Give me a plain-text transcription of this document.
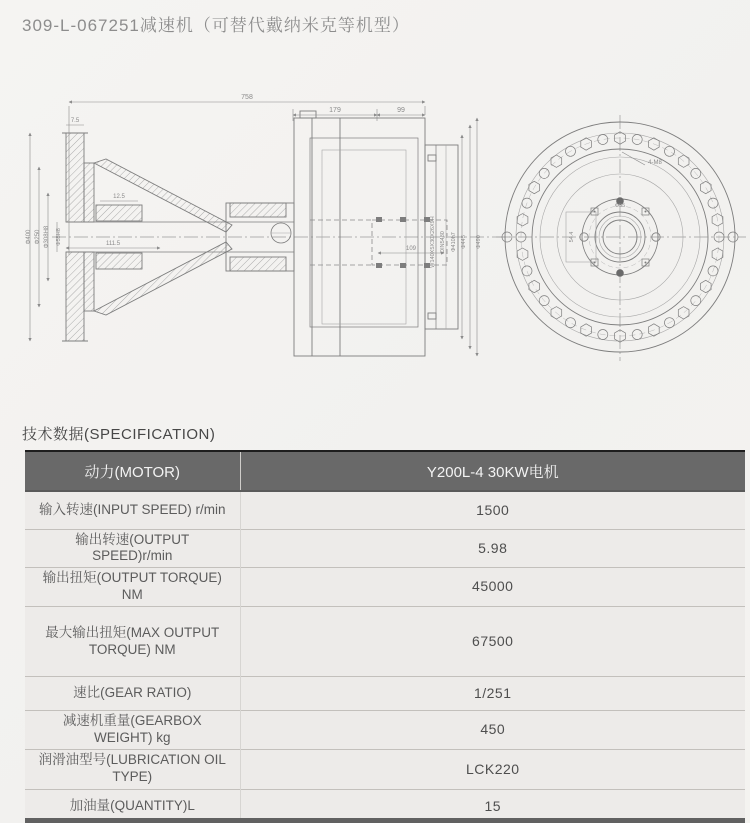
309-L-067251减速机（可替代戴纳米克等机型）
758
179	99
7.5
12.5
111.5
109
Φ400 Φ250 Φ308H8 Φ55H8	W140X5X30X26X9H DIN5480 Φ410h7 Φ445 Φ490
4-M8
Φ55
54.4
技术数据(SPECIFICATION)
动力(MOTOR)	Y200L-4 30KW电机
输入转速(INPUT SPEED) r/min	1500
输出转速(OUTPUT SPEED)r/min	5.98
输出扭矩(OUTPUT TORQUE) NM	45000
最大输出扭矩(MAX OUTPUT TORQUE) NM	67500
速比(GEAR RATIO)	1/251
减速机重量(GEARBOX WEIGHT) kg	450
润滑油型号(LUBRICATION OIL TYPE)	LCK220
加油量(QUANTITY)L	15
